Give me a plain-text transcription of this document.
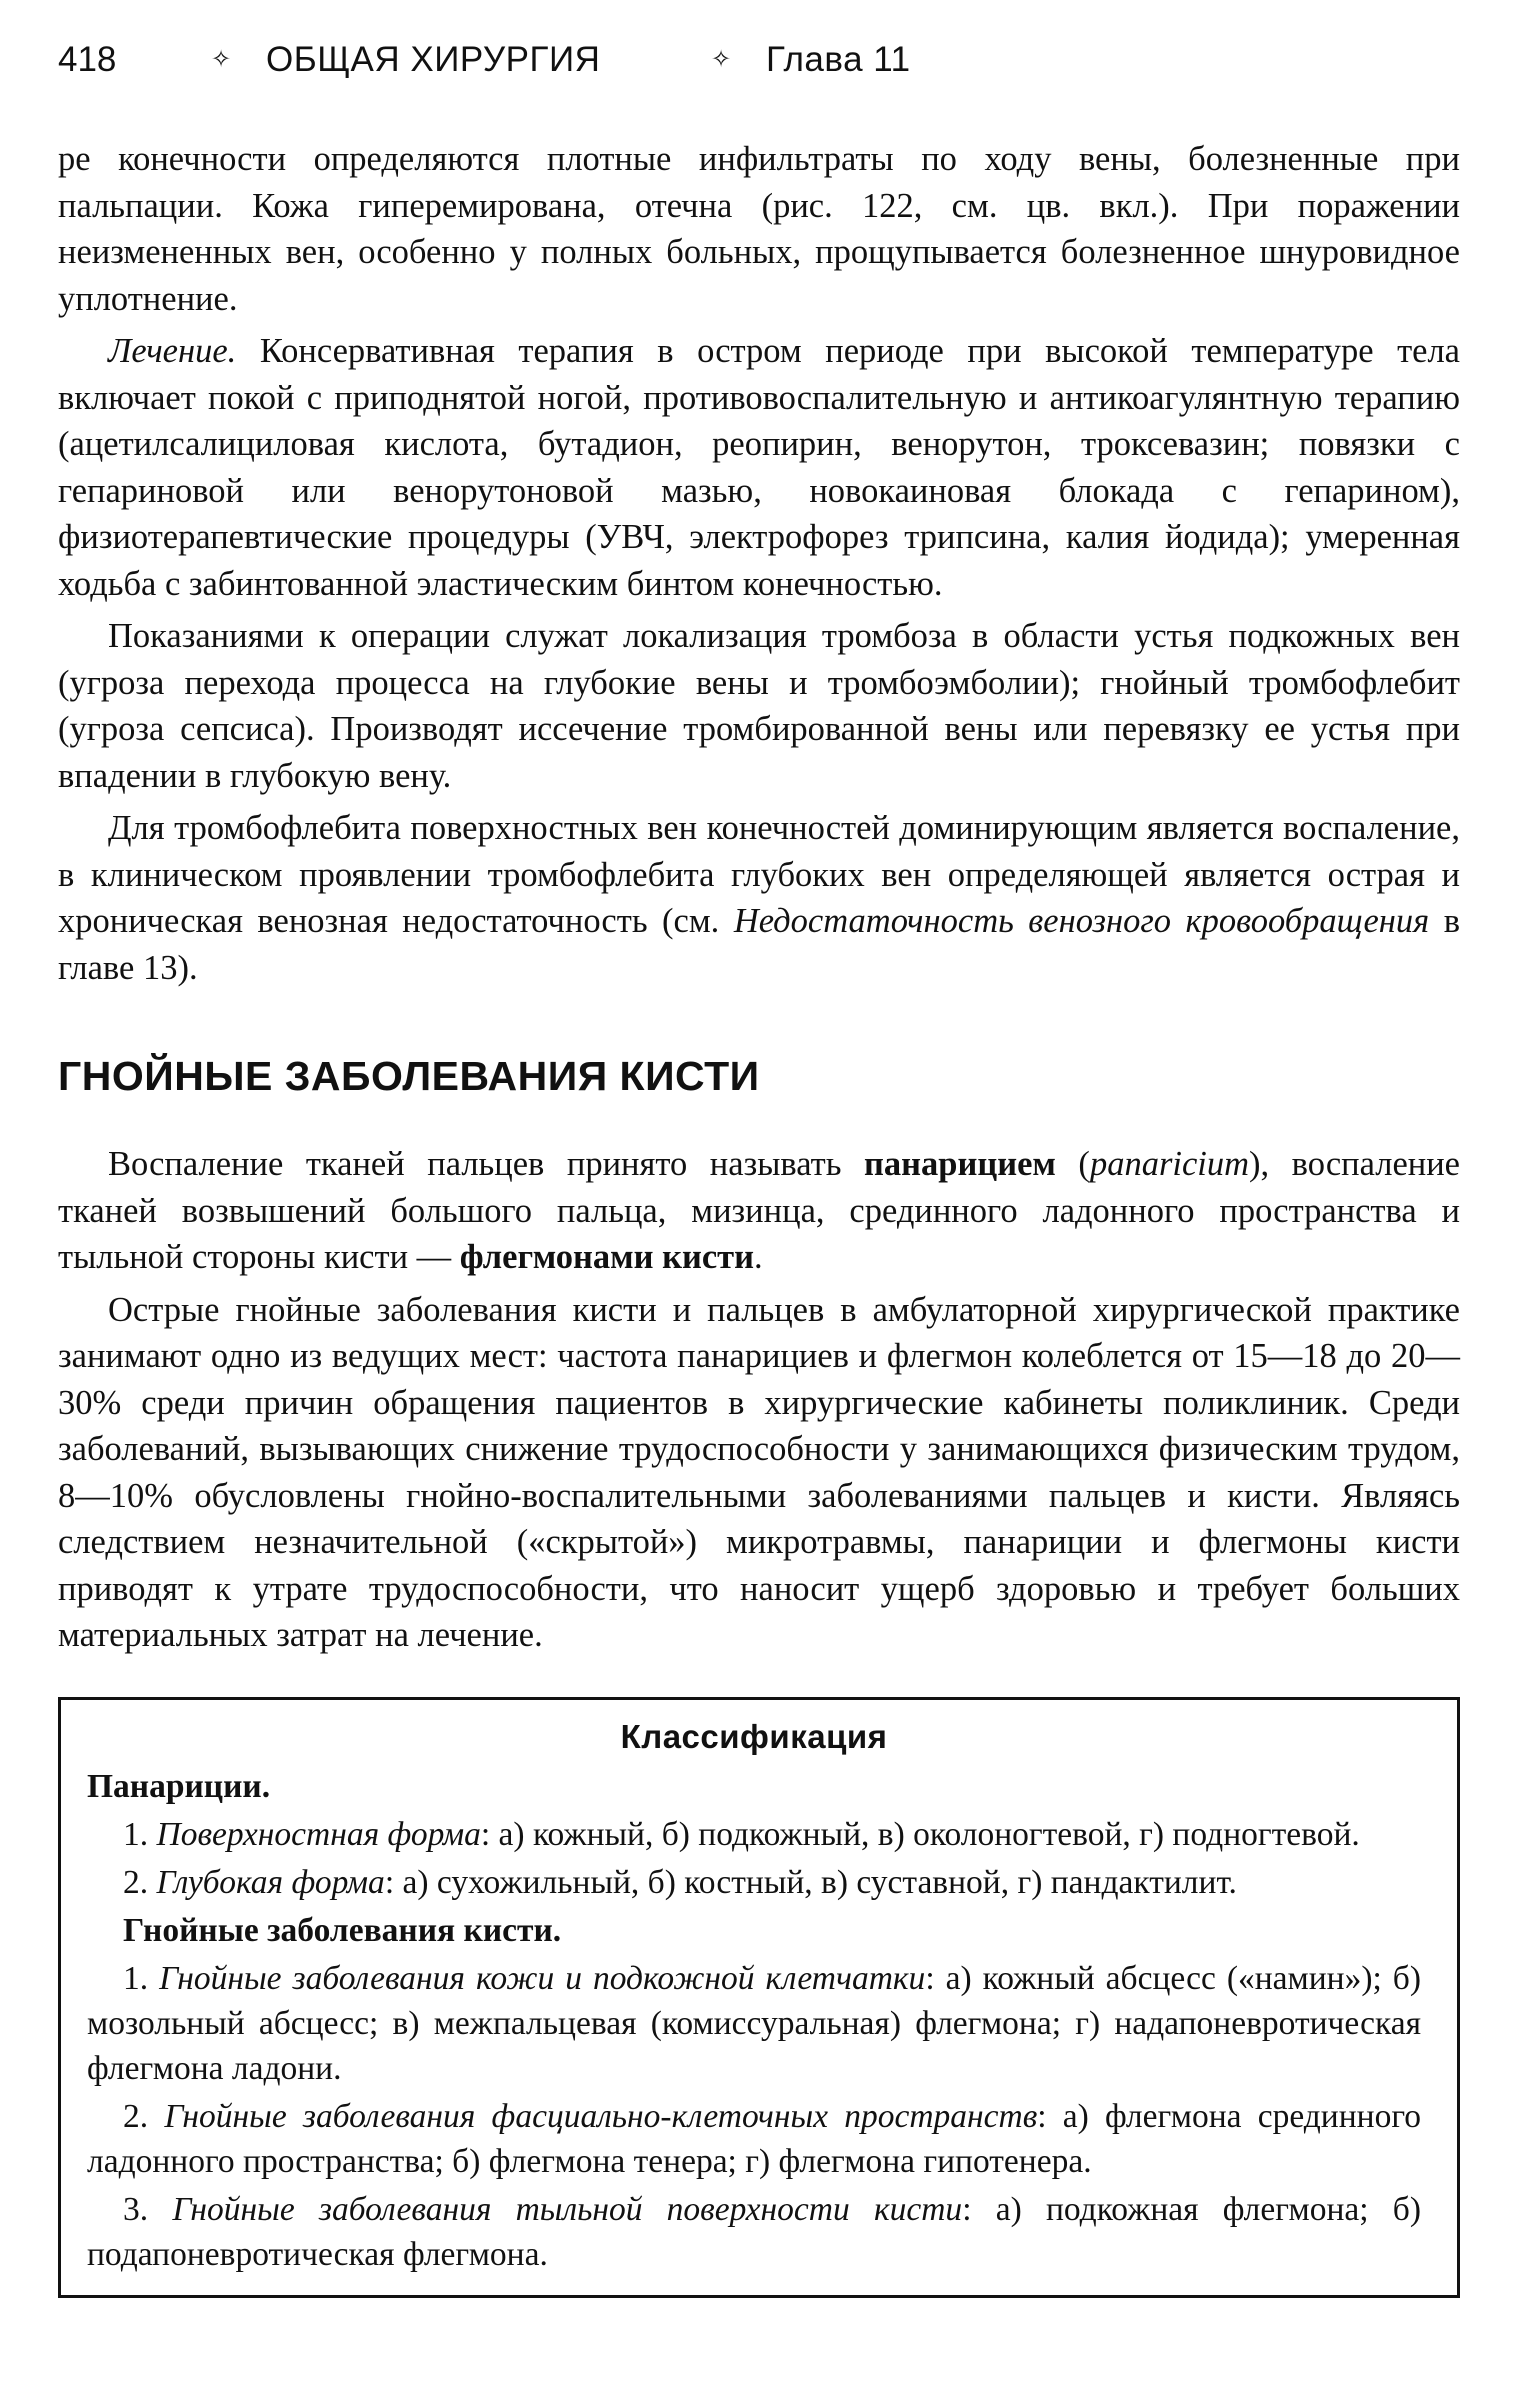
418	✧ ОБЩАЯ ХИРУРГИЯ	✧ Глава 11

ре конечности определяются плотные инфильтраты по ходу вены, болезненные при пальпации. Кожа гиперемирована, отечна (рис. 122, см. цв. вкл.). При поражении неизмененных вен, особенно у полных больных, прощупывается болезненное шнуровидное уплотнение.

Лечение. Консервативная терапия в остром периоде при высокой температуре тела включает покой с приподнятой ногой, противовоспалительную и антикоагулянтную терапию (ацетилсалициловая кислота, бутадион, реопирин, венорутон, троксевазин; повязки с гепариновой или венорутоновой мазью, новокаиновая блокада с гепарином), физиотерапевтические процедуры (УВЧ, электрофорез трипсина, калия йодида); умеренная ходьба с забинтованной эластическим бинтом конечностью.

Показаниями к операции служат локализация тромбоза в области устья подкожных вен (угроза перехода процесса на глубокие вены и тромбоэмболии); гнойный тромбофлебит (угроза сепсиса). Производят иссечение тромбированной вены или перевязку ее устья при впадении в глубокую вену.

Для тромбофлебита поверхностных вен конечностей доминирующим является воспаление, в клиническом проявлении тромбофлебита глубоких вен определяющей является острая и хроническая венозная недостаточность (см. Недостаточность венозного кровообращения в главе 13).

ГНОЙНЫЕ ЗАБОЛЕВАНИЯ КИСТИ

Воспаление тканей пальцев принято называть панарицием (panaricium), воспаление тканей возвышений большого пальца, мизинца, срединного ладонного пространства и тыльной стороны кисти — флегмонами кисти.

Острые гнойные заболевания кисти и пальцев в амбулаторной хирургической практике занимают одно из ведущих мест: частота панарициев и флегмон колеблется от 15—18 до 20—30% среди причин обращения пациентов в хирургические кабинеты поликлиник. Среди заболеваний, вызывающих снижение трудоспособности у занимающихся физическим трудом, 8—10% обусловлены гнойно-воспалительными заболеваниями пальцев и кисти. Являясь следствием незначительной («скрытой») микротравмы, панариции и флегмоны кисти приводят к утрате трудоспособности, что наносит ущерб здоровью и требует больших материальных затрат на лечение.

Классификация

Панариции.

1. Поверхностная форма: а) кожный, б) подкожный, в) околоногтевой, г) подногтевой.

2. Глубокая форма: а) сухожильный, б) костный, в) суставной, г) пандактилит.

Гнойные заболевания кисти.

1. Гнойные заболевания кожи и подкожной клетчатки: а) кожный абсцесс («намин»); б) мозольный абсцесс; в) межпальцевая (комиссуральная) флегмона; г) надапоневротическая флегмона ладони.

2. Гнойные заболевания фасциально-клеточных пространств: а) флегмона срединного ладонного пространства; б) флегмона тенера; г) флегмона гипотенера.

3. Гнойные заболевания тыльной поверхности кисти: а) подкожная флегмона; б) подапоневротическая флегмона.
